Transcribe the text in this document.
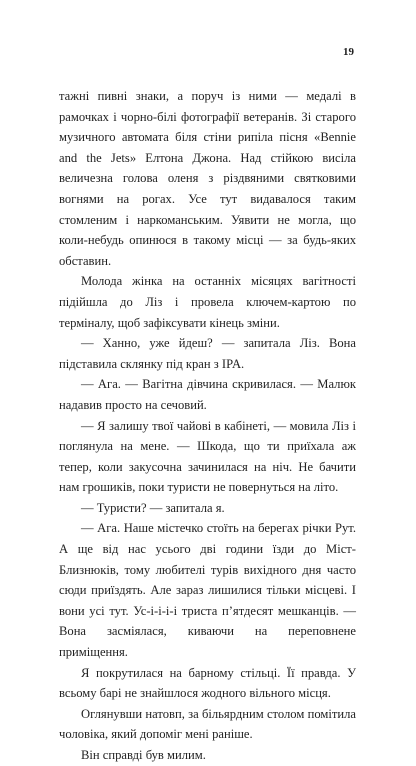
19

тажні пивні знаки, а поруч із ними — медалі в рамочках і чорно-білі фотографії ветеранів. Зі старого музичного автомата біля стіни рипіла пісня «Bennie and the Jets» Елтона Джона. Над стійкою висіла величезна голова оленя з різдвяними святковими вогнями на рогах. Усе тут видавалося таким стомленим і наркоманським. Уявити не могла, що коли-небудь опинюся в такому місці — за будь-яких обставин.

Молода жінка на останніх місяцях вагітності підійшла до Ліз і провела ключем-картою по терміналу, щоб зафіксувати кінець зміни.

— Ханно, уже йдеш? — запитала Ліз. Вона підставила склянку під кран з IPA.

— Ага. — Вагітна дівчина скривилася. — Малюк надавив просто на сечовий.

— Я залишу твої чайові в кабінеті, — мовила Ліз і поглянула на мене. — Шкода, що ти приїхала аж тепер, коли закусочна зачинилася на ніч. Не бачити нам грошиків, поки туристи не повернуться на літо.

— Туристи? — запитала я.

— Ага. Наше містечко стоїть на берегах річки Рут. А ще від нас усього дві години їзди до Міст-Близнюків, тому любителі турів вихідного дня часто сюди приїздять. Але зараз лишилися тільки місцеві. І вони усі тут. Ус-і-і-і-і триста п’ятдесят мешканців. — Вона засміялася, киваючи на переповнене приміщення.

Я покрутилася на барному стільці. Її правда. У всьому барі не знайшлося жодного вільного місця.

Оглянувши натовп, за більярдним столом помітила чоловіка, який допоміг мені раніше.

Він справді був милим.
